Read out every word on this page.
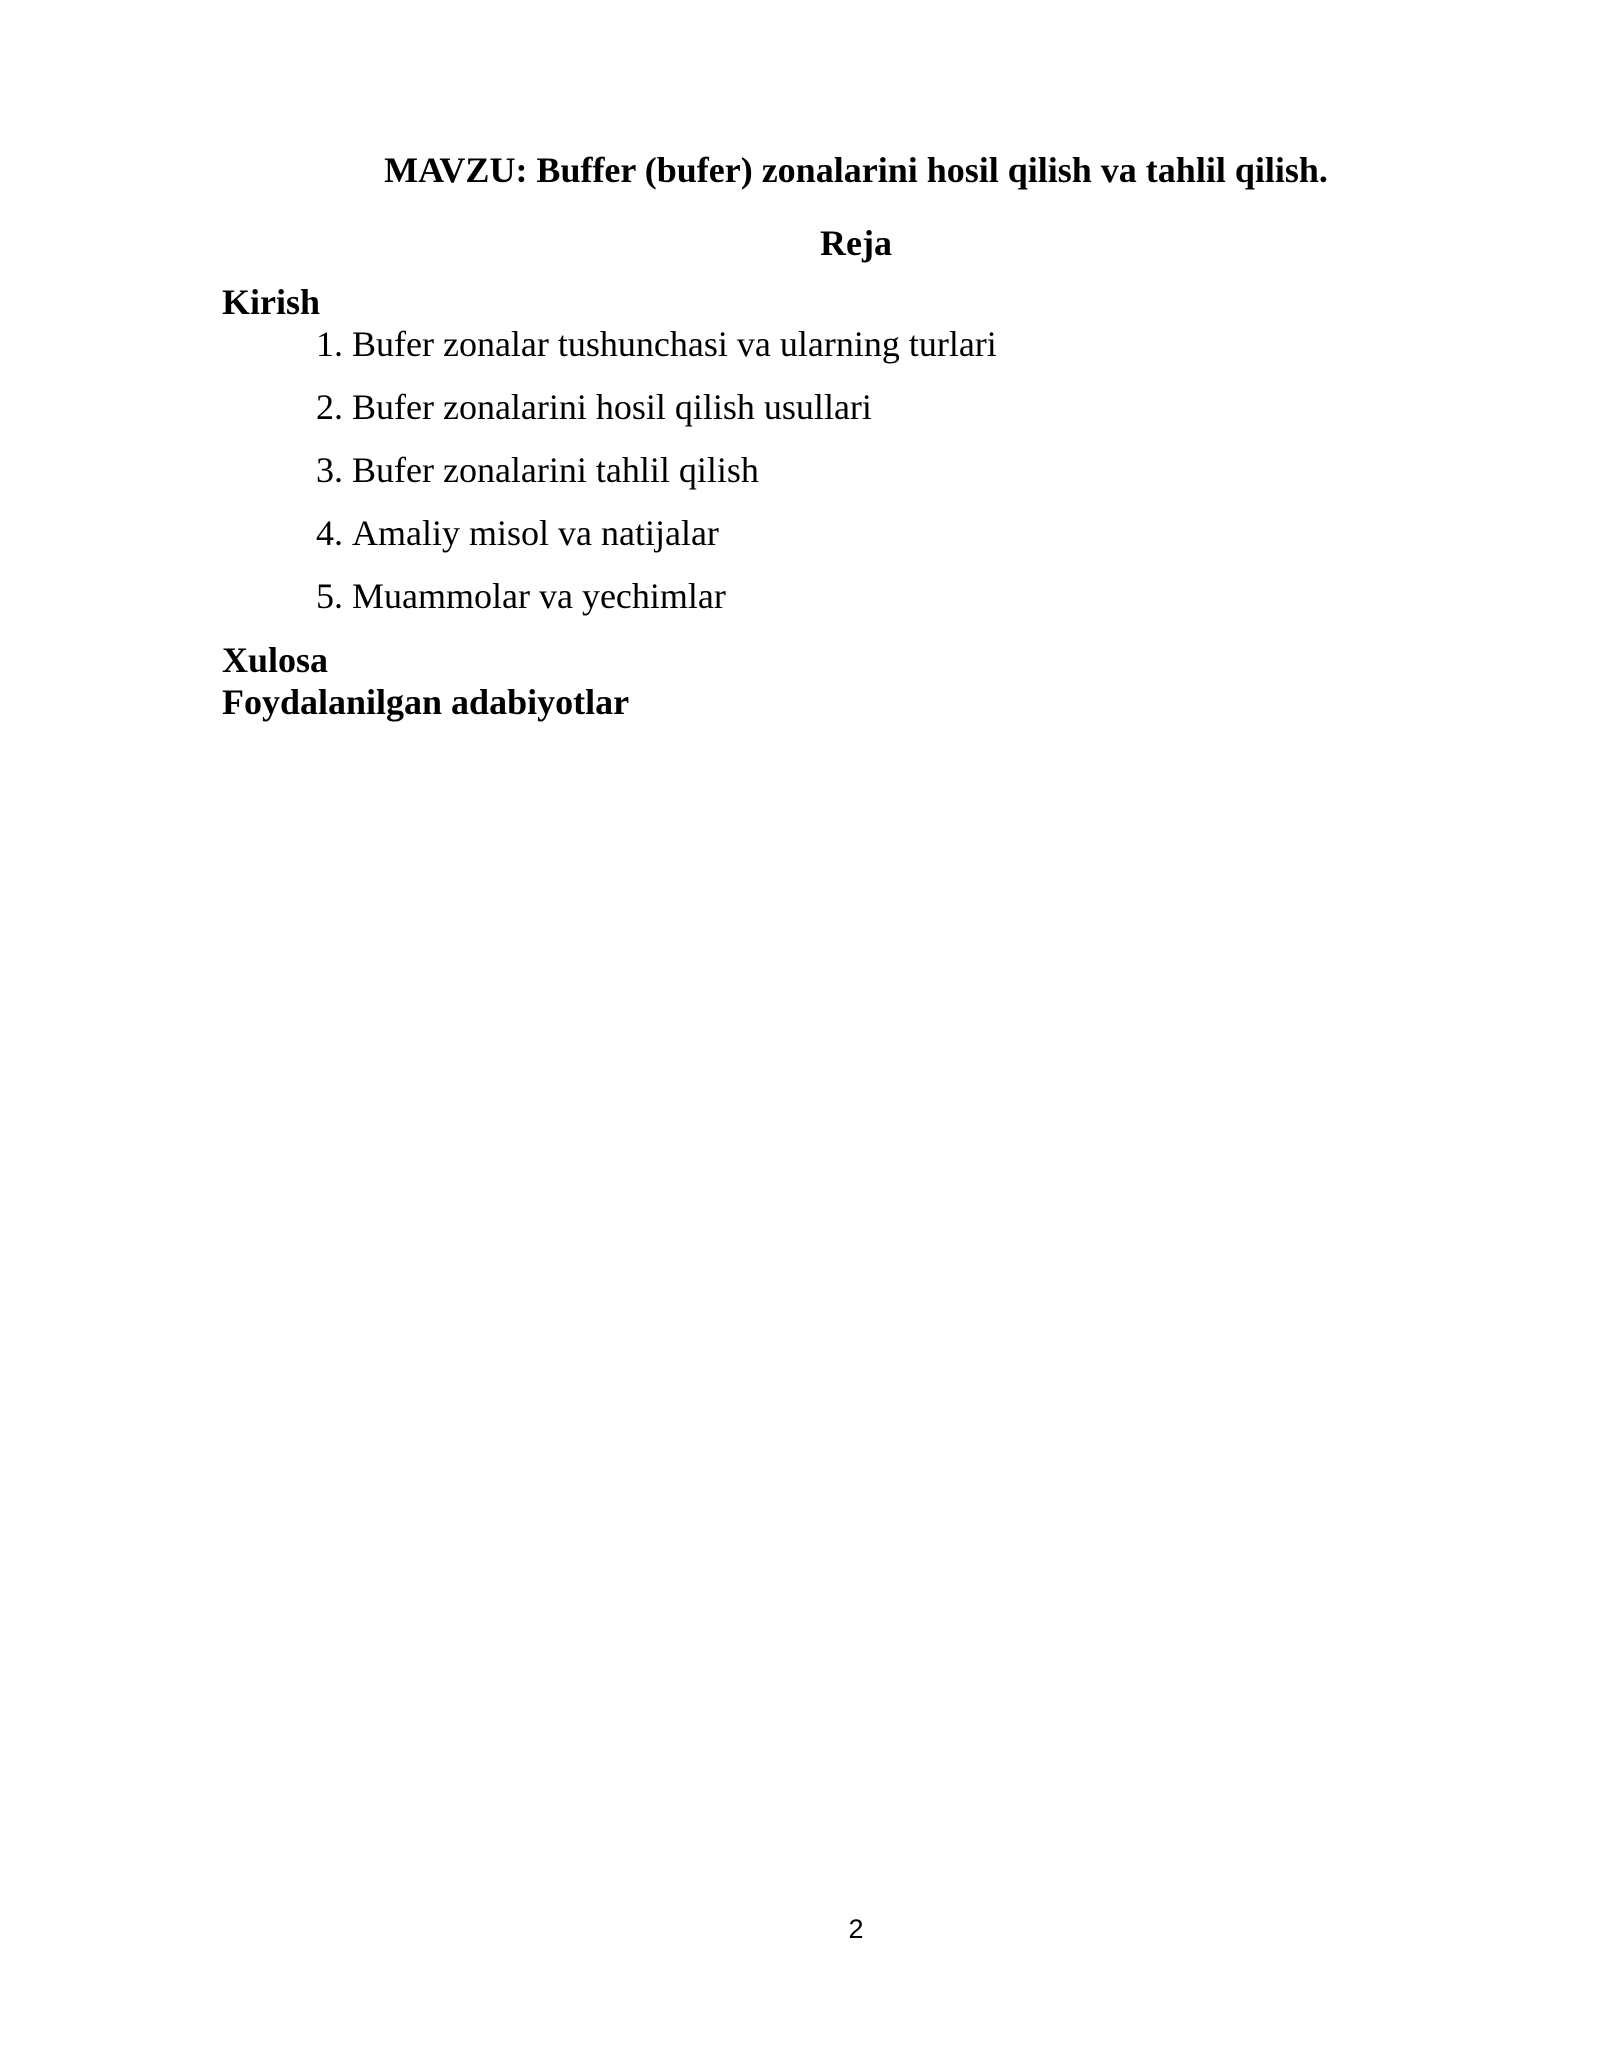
MAVZU: Buffer (bufer) zonalarini hosil qilish va tahlil qilish.
Reja
Kirish
1. Bufer zonalar tushunchasi va ularning turlari
2. Bufer zonalarini hosil qilish usullari
3. Bufer zonalarini tahlil qilish
4. Amaliy misol va natijalar
5. Muammolar va yechimlar
Xulosa
Foydalanilgan adabiyotlar
2
